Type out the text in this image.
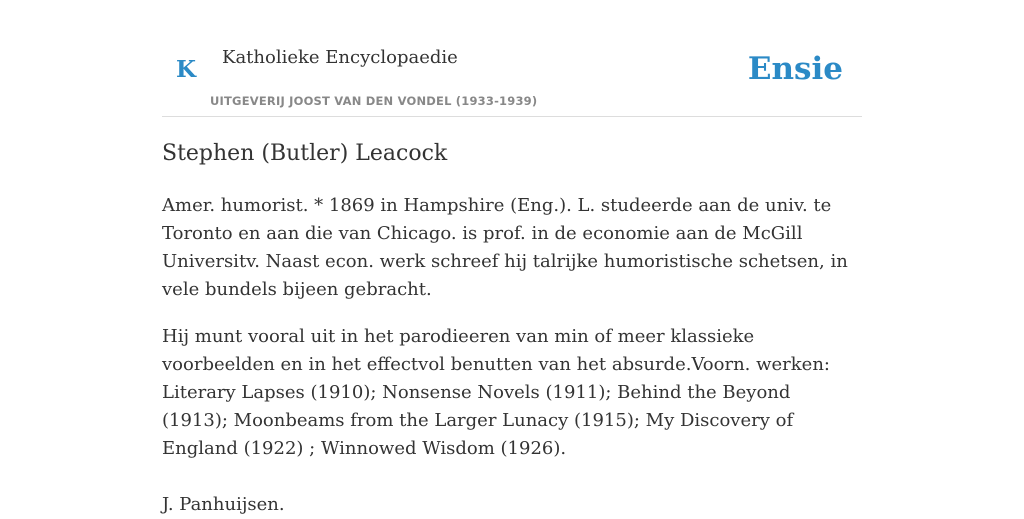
K Katholieke Encyclopaedie
UITGEVERIJ JOOST VAN DEN VONDEL (1933-1939)
Ensie
Stephen (Butler) Leacock

Amer. humorist. * 1869 in Hampshire (Eng.). L. studeerde aan de univ. te Toronto en aan die van Chicago. is prof. in de economie aan de McGill Universitv. Naast econ. werk schreef hij talrijke humoristische schetsen, in vele bundels bijeen gebracht.

Hij munt vooral uit in het parodieeren van min of meer klassieke voorbeelden en in het effectvol benutten van het absurde.Voorn. werken: Literary Lapses (1910); Nonsense Novels (1911); Behind the Beyond (1913); Moonbeams from the Larger Lunacy (1915); My Discovery of England (1922) ; Winnowed Wisdom (1926).

J. Panhuijsen.
